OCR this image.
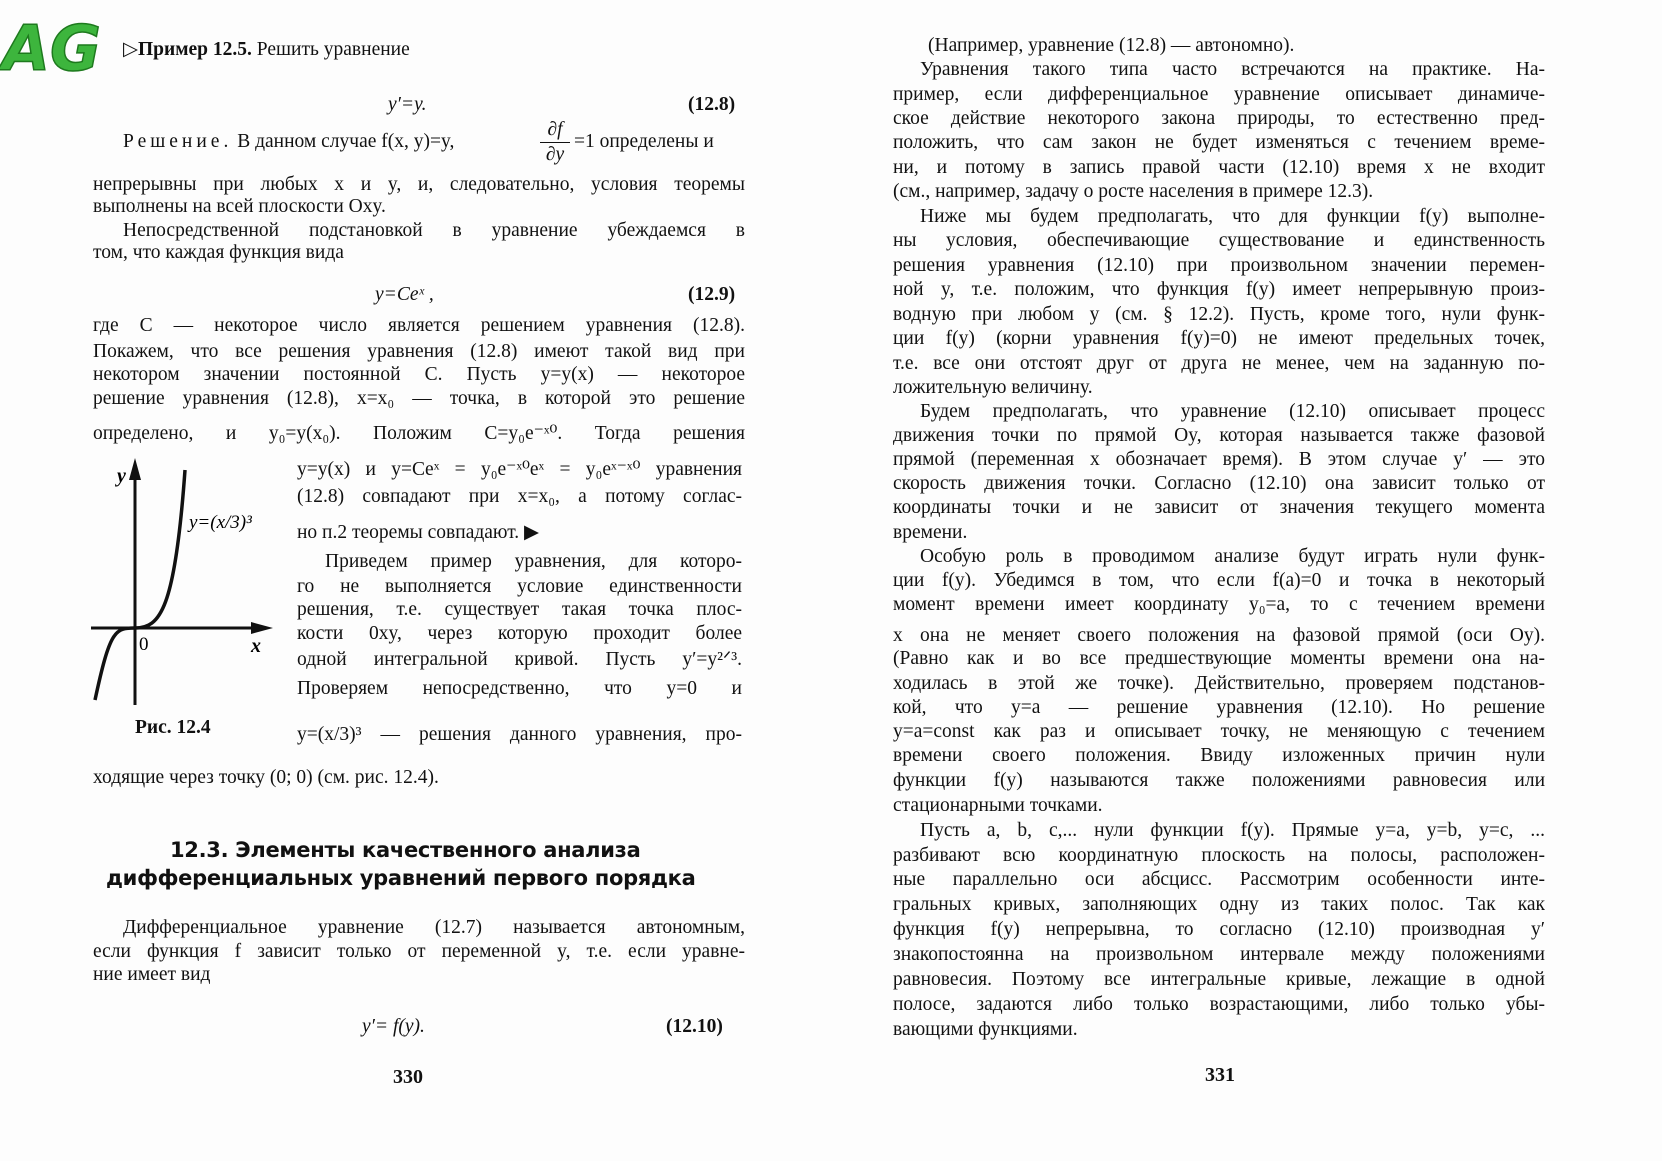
AG ▷Пример 12.5. Решить уравнение
y′=y.	(12.8)
Решение. В данном случае f(x, y)=y,
∂f
∂y
=1 определены и
непрерывны при любых x и y, и, следовательно, условия теоремы
выполнены на всей плоскости Oxy.
Непосредственной подстановкой в уравнение убеждаемся в
том, что каждая функция вида
y=Ceˣ ,	(12.9)
где C — некоторое число является решением уравнения (12.8).
Покажем, что все решения уравнения (12.8) имеют такой вид при
некотором значении постоянной C. Пусть y=y(x) — некоторое
решение уравнения (12.8), x=x₀ — точка, в которой это решение
определено, и y₀=y(x₀). Положим C=y₀e⁻ˣ⁰. Тогда решения
y=y(x) и y=Ceˣ = y₀e⁻ˣ⁰eˣ = y₀eˣ⁻ˣ⁰ уравнения
(12.8) совпадают при x=x₀, а потому соглас-
но п.2 теоремы совпадают. ▶
Приведем пример уравнения, для которо-
го не выполняется условие единственности
решения, т.е. существует такая точка плос-
кости 0xy, через которую проходит более
одной интегральной кривой. Пусть y′=y²ᐟ³.
Проверяем непосредственно, что y=0 и
y=(x/3)³ — решения данного уравнения, про-
y
0	x
y=(x/3)³
Рис. 12.4
ходящие через точку (0; 0) (см. рис. 12.4).
12.3. Элементы качественного анализа
дифференциальных уравнений первого порядка
Дифференциальное уравнение (12.7) называется автономным,
если функция f зависит только от переменной y, т.е. если уравне-
ние имеет вид
y′= f(y).	(12.10)
330
(Например, уравнение (12.8) — автономно).
Уравнения такого типа часто встречаются на практике. На-
пример, если дифференциальное уравнение описывает динамиче-
ское действие некоторого закона природы, то естественно пред-
положить, что сам закон не будет изменяться с течением време-
ни, и потому в запись правой части (12.10) время x не входит
(см., например, задачу о росте населения в примере 12.3).
Ниже мы будем предполагать, что для функции f(y) выполне-
ны условия, обеспечивающие существование и единственность
решения уравнения (12.10) при произвольном значении перемен-
ной y, т.е. положим, что функция f(y) имеет непрерывную произ-
водную при любом y (см. § 12.2). Пусть, кроме того, нули функ-
ции f(y) (корни уравнения f(y)=0) не имеют предельных точек,
т.е. все они отстоят друг от друга не менее, чем на заданную по-
ложительную величину.
Будем предполагать, что уравнение (12.10) описывает процесс
движения точки по прямой Oy, которая называется также фазовой
прямой (переменная x обозначает время). В этом случае y′ — это
скорость движения точки. Согласно (12.10) она зависит только от
координаты точки и не зависит от значения текущего момента
времени.
Особую роль в проводимом анализе будут играть нули функ-
ции f(y). Убедимся в том, что если f(a)=0 и точка в некоторый
момент времени имеет координату y₀=a, то с течением времени
x она не меняет своего положения на фазовой прямой (оси Oy).
(Равно как и во все предшествующие моменты времени она на-
ходилась в этой же точке). Действительно, проверяем подстанов-
кой, что y=a — решение уравнения (12.10). Но решение
y=a=const как раз и описывает точку, не меняющую с течением
времени своего положения. Ввиду изложенных причин нули
функции f(y) называются также положениями равновесия или
стационарными точками.
Пусть a, b, c,... нули функции f(y). Прямые y=a, y=b, y=c, ...
разбивают всю координатную плоскость на полосы, расположен-
ные параллельно оси абсцисс. Рассмотрим особенности инте-
гральных кривых, заполняющих одну из таких полос. Так как
функция f(y) непрерывна, то согласно (12.10) производная y′
знакопостоянна на произвольном интервале между положениями
равновесия. Поэтому все интегральные кривые, лежащие в одной
полосе, задаются либо только возрастающими, либо только убы-
вающими функциями.
331
